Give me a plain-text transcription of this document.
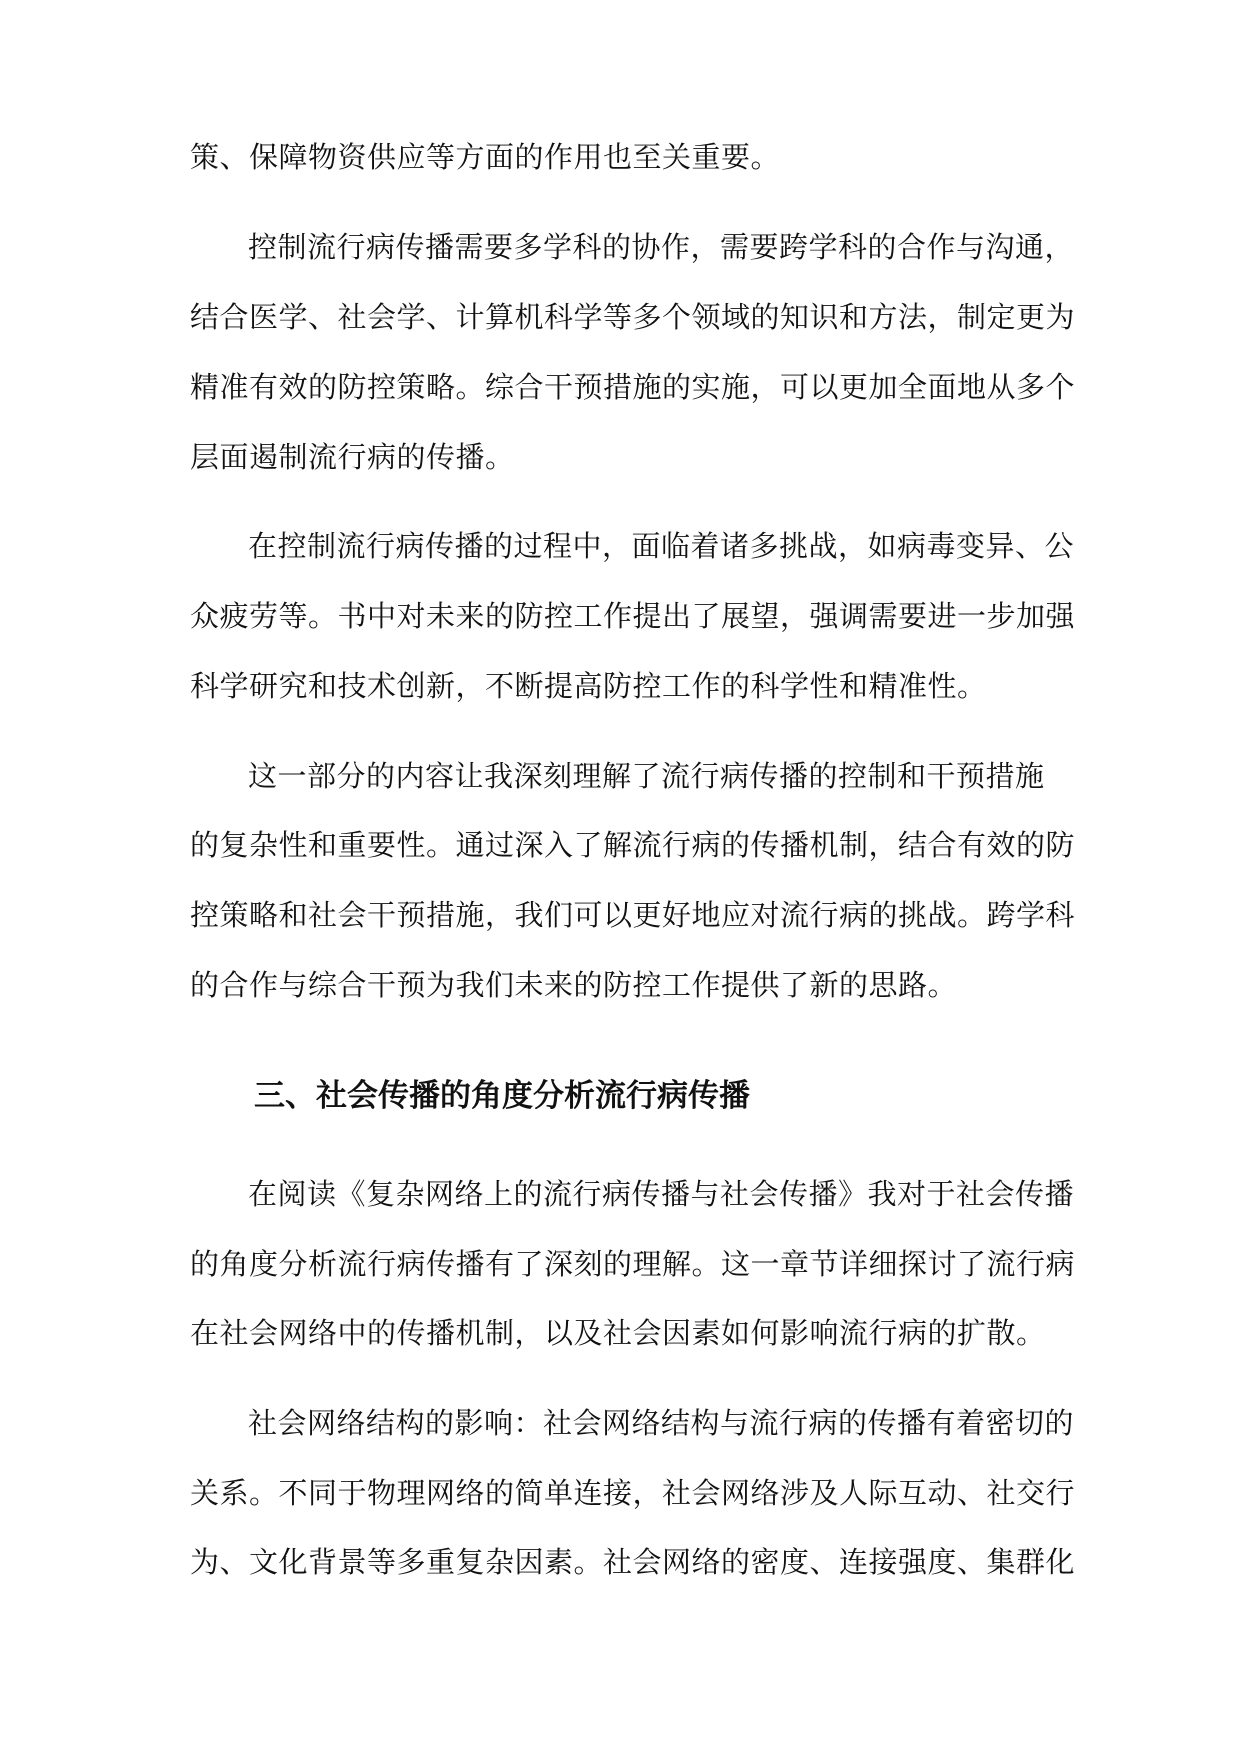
策、保障物资供应等方面的作用也至关重要。
控制流行病传播需要多学科的协作，需要跨学科的合作与沟通，
结合医学、社会学、计算机科学等多个领域的知识和方法，制定更为
精准有效的防控策略。综合干预措施的实施，可以更加全面地从多个
层面遏制流行病的传播。
在控制流行病传播的过程中，面临着诸多挑战，如病毒变异、公
众疲劳等。书中对未来的防控工作提出了展望，强调需要进一步加强
科学研究和技术创新，不断提高防控工作的科学性和精准性。
这一部分的内容让我深刻理解了流行病传播的控制和干预措施
的复杂性和重要性。通过深入了解流行病的传播机制，结合有效的防
控策略和社会干预措施，我们可以更好地应对流行病的挑战。跨学科
的合作与综合干预为我们未来的防控工作提供了新的思路。
三、社会传播的角度分析流行病传播
在阅读《复杂网络上的流行病传播与社会传播》我对于社会传播
的角度分析流行病传播有了深刻的理解。这一章节详细探讨了流行病
在社会网络中的传播机制，以及社会因素如何影响流行病的扩散。
社会网络结构的影响：社会网络结构与流行病的传播有着密切的
关系。不同于物理网络的简单连接，社会网络涉及人际互动、社交行
为、文化背景等多重复杂因素。社会网络的密度、连接强度、集群化
